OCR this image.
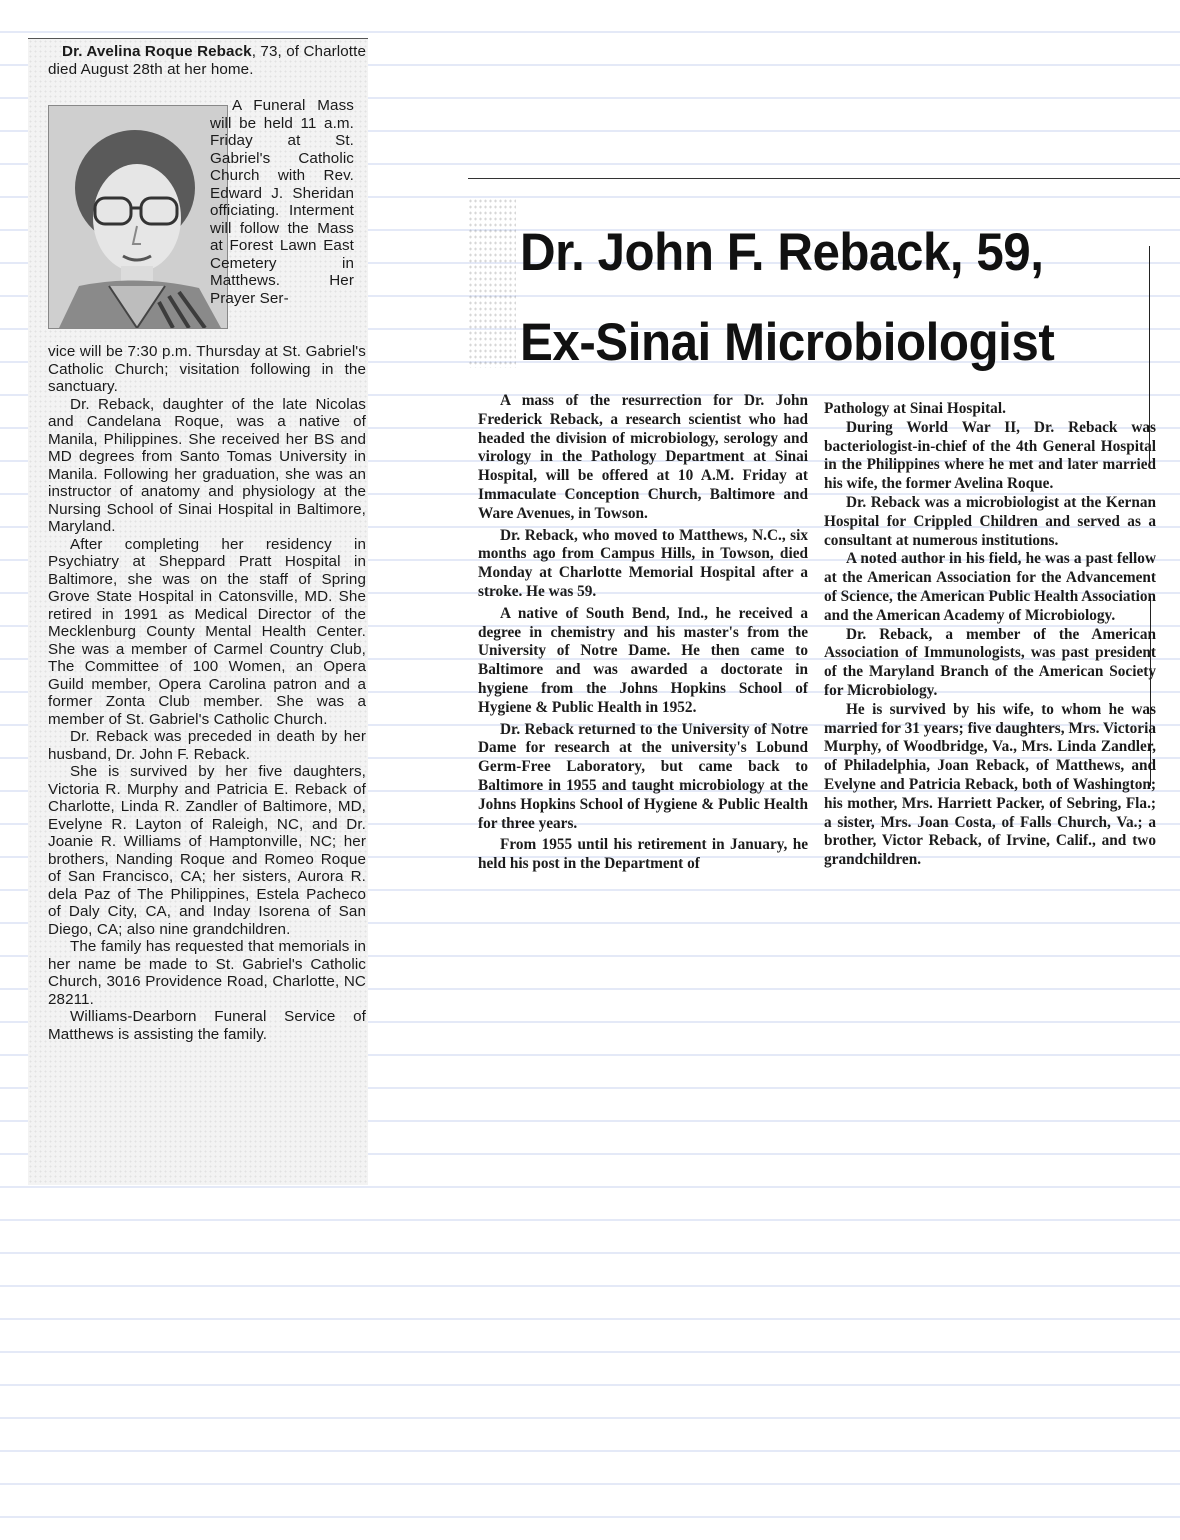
Dr. Avelina Roque Reback, 73, of Charlotte died August 28th at her home.

A Funeral Mass will be held 11 a.m. Friday at St. Gabriel's Catholic Church with Rev. Edward J. Sheridan officiating. Interment will follow the Mass at Forest Lawn East Cemetery in Matthews. Her Prayer Ser-

vice will be 7:30 p.m. Thursday at St. Gabriel's Catholic Church; visitation following in the sanctuary.

Dr. Reback, daughter of the late Nicolas and Candelana Roque, was a native of Manila, Philippines. She received her BS and MD degrees from Santo Tomas University in Manila. Following her graduation, she was an instructor of anatomy and physiology at the Nursing School of Sinai Hospital in Baltimore, Maryland.

After completing her residency in Psychiatry at Sheppard Pratt Hospital in Baltimore, she was on the staff of Spring Grove State Hospital in Catonsville, MD. She retired in 1991 as Medical Director of the Mecklenburg County Mental Health Center. She was a member of Carmel Country Club, The Committee of 100 Women, an Opera Guild member, Opera Carolina patron and a former Zonta Club member. She was a member of St. Gabriel's Catholic Church.

Dr. Reback was preceded in death by her husband, Dr. John F. Reback.

She is survived by her five daughters, Victoria R. Murphy and Patricia E. Reback of Charlotte, Linda R. Zandler of Baltimore, MD, Evelyne R. Layton of Raleigh, NC, and Dr. Joanie R. Williams of Hamptonville, NC; her brothers, Nanding Roque and Romeo Roque of San Francisco, CA; her sisters, Aurora R. dela Paz of The Philippines, Estela Pacheco of Daly City, CA, and Inday Isorena of San Diego, CA; also nine grandchildren.

The family has requested that memorials in her name be made to St. Gabriel's Catholic Church, 3016 Providence Road, Charlotte, NC 28211.

Williams-Dearborn Funeral Service of Matthews is assisting the family.

Dr. John F. Reback, 59,
Ex-Sinai Microbiologist

A mass of the resurrection for Dr. John Frederick Reback, a research scientist who had headed the division of microbiology, serology and virology in the Pathology Department at Sinai Hospital, will be offered at 10 A.M. Friday at Immaculate Conception Church, Baltimore and Ware Avenues, in Towson.

Dr. Reback, who moved to Matthews, N.C., six months ago from Campus Hills, in Towson, died Monday at Charlotte Memorial Hospital after a stroke. He was 59.

A native of South Bend, Ind., he received a degree in chemistry and his master's from the University of Notre Dame. He then came to Baltimore and was awarded a doctorate in hygiene from the Johns Hopkins School of Hygiene & Public Health in 1952.

Dr. Reback returned to the University of Notre Dame for research at the university's Lobund Germ-Free Laboratory, but came back to Baltimore in 1955 and taught microbiology at the Johns Hopkins School of Hygiene & Public Health for three years.

From 1955 until his retirement in January, he held his post in the Department of

Pathology at Sinai Hospital.

During World War II, Dr. Reback was bacteriologist-in-chief of the 4th General Hospital in the Philippines where he met and later married his wife, the former Avelina Roque.

Dr. Reback was a microbiologist at the Kernan Hospital for Crippled Children and served as a consultant at numerous institutions.

A noted author in his field, he was a past fellow at the American Association for the Advancement of Science, the American Public Health Association and the American Academy of Microbiology.

Dr. Reback, a member of the American Association of Immunologists, was past president of the Maryland Branch of the American Society for Microbiology.

He is survived by his wife, to whom he was married for 31 years; five daughters, Mrs. Victoria Murphy, of Woodbridge, Va., Mrs. Linda Zandler, of Philadelphia, Joan Reback, of Matthews, and Evelyne and Patricia Reback, both of Washington; his mother, Mrs. Harriett Packer, of Sebring, Fla.; a sister, Mrs. Joan Costa, of Falls Church, Va.; a brother, Victor Reback, of Irvine, Calif., and two grandchildren.
